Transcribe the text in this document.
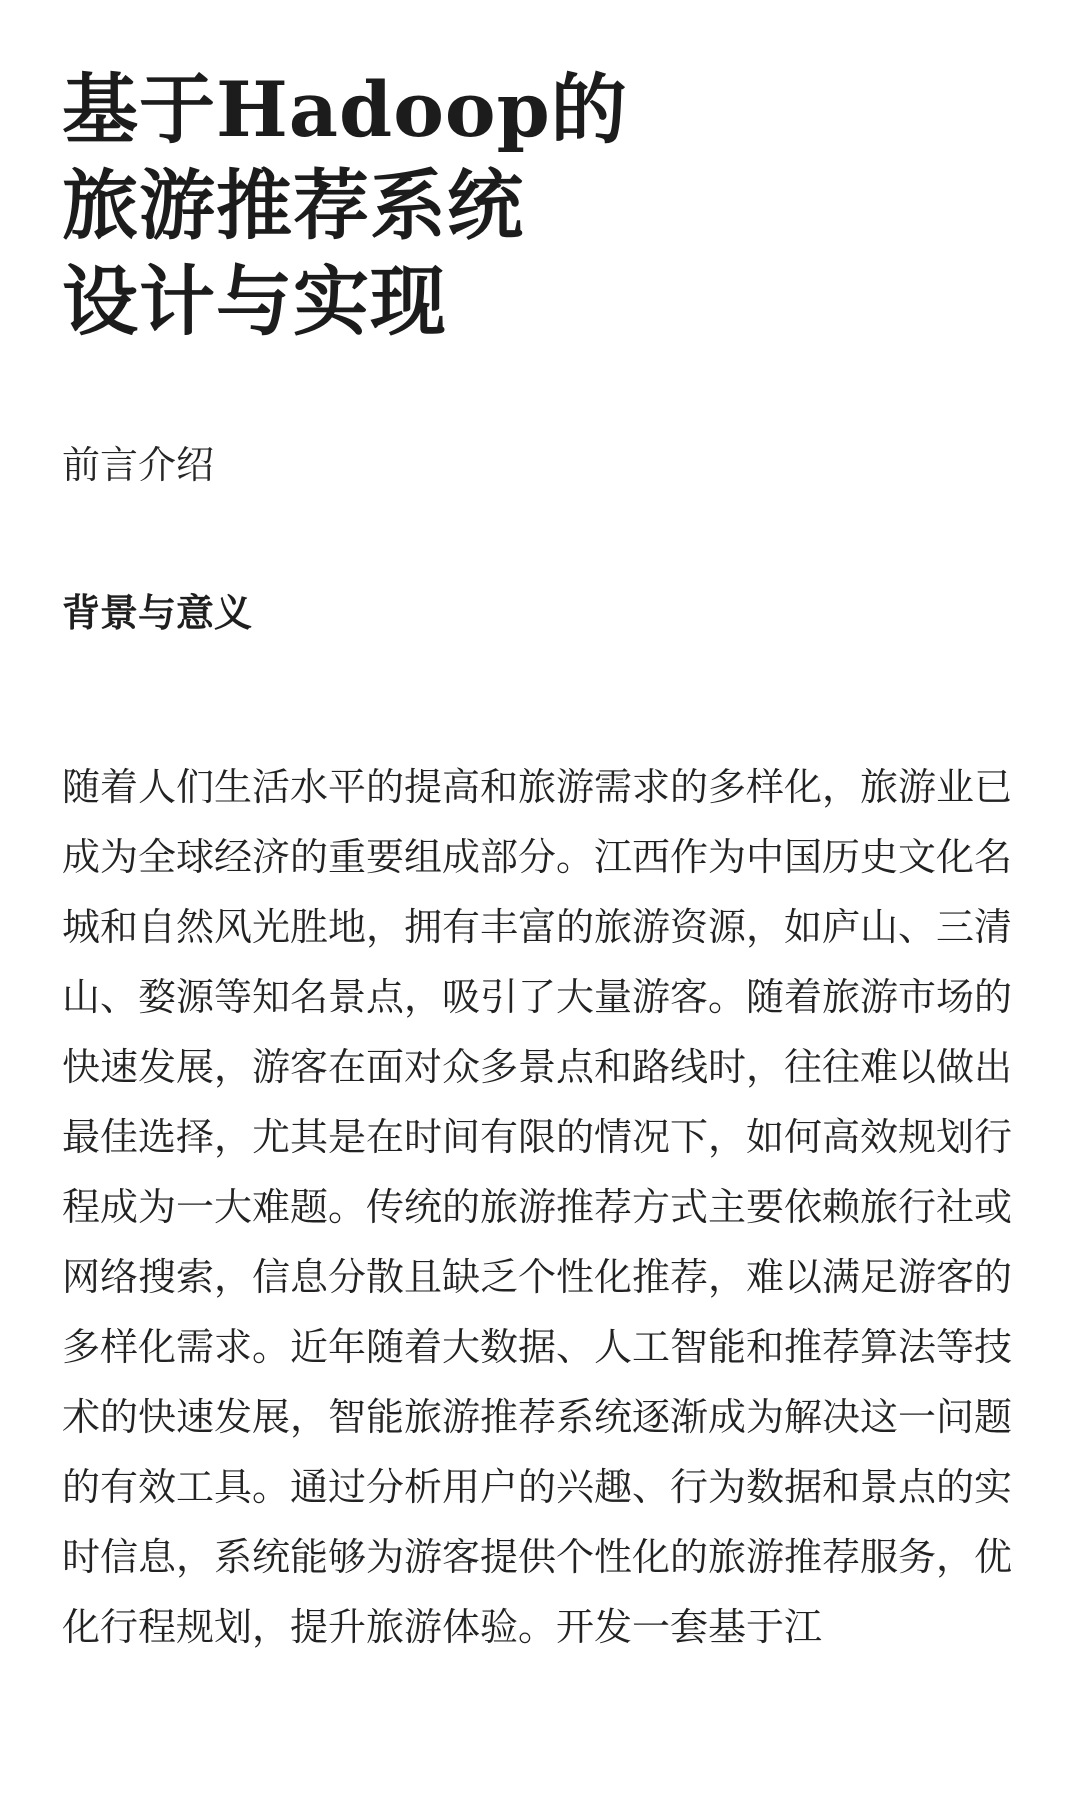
基于Hadoop的
旅游推荐系统
设计与实现
前言介绍
背景与意义

随着人们生活水平的提高和旅游需求的多样化，旅游业已成为全球经济的重要组成部分。江西作为中国历史文化名城和自然风光胜地，拥有丰富的旅游资源，如庐山、三清山、婺源等知名景点，吸引了大量游客。随着旅游市场的快速发展，游客在面对众多景点和路线时，往往难以做出最佳选择，尤其是在时间有限的情况下，如何高效规划行程成为一大难题。传统的旅游推荐方式主要依赖旅行社或网络搜索，信息分散且缺乏个性化推荐，难以满足游客的多样化需求。近年随着大数据、人工智能和推荐算法等技术的快速发展，智能旅游推荐系统逐渐成为解决这一问题的有效工具。通过分析用户的兴趣、行为数据和景点的实时信息，系统能够为游客提供个性化的旅游推荐服务，优化行程规划，提升旅游体验。开发一套基于江
